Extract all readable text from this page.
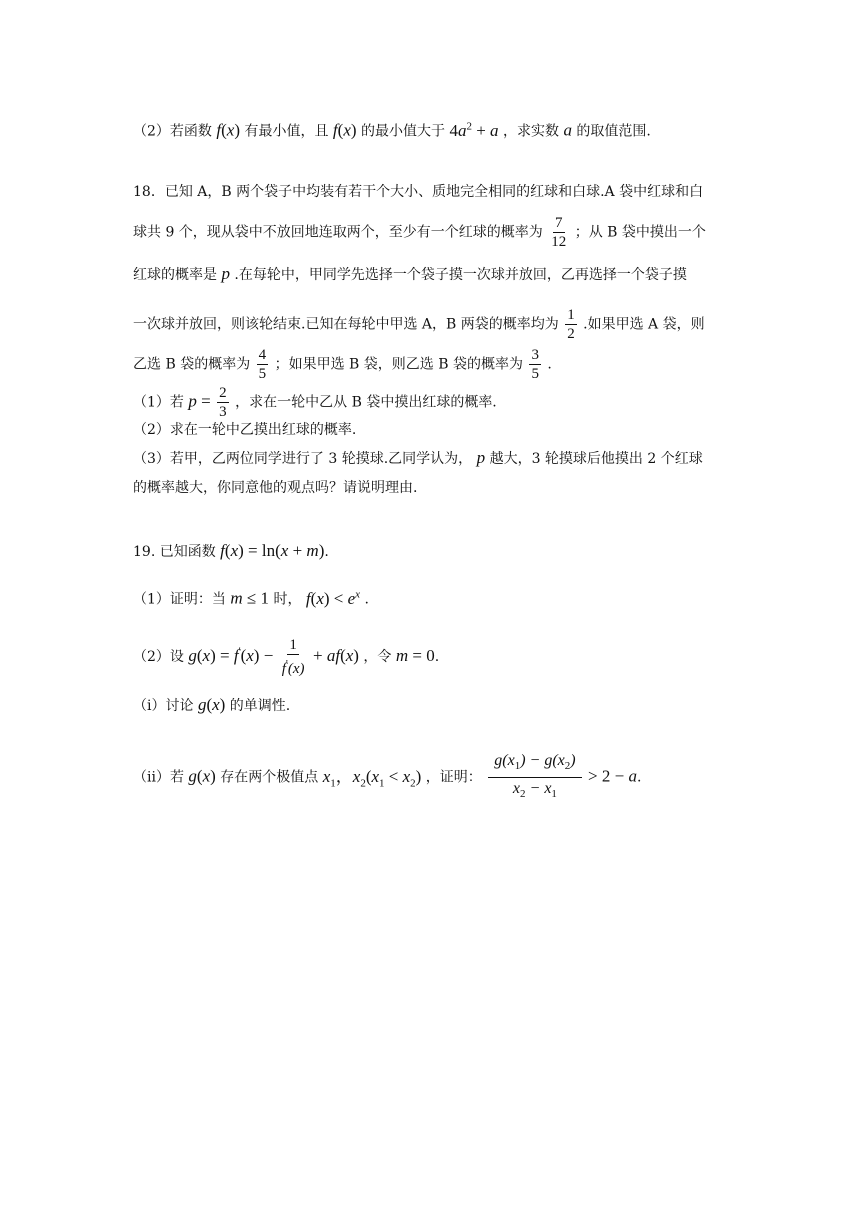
（2）若函数 f(x) 有最小值，且 f(x) 的最小值大于 $4a^2 + a$ ，求实数 a 的取值范围.
18．已知 A，B 两个袋子中均装有若干个大小、质地完全相同的红球和白球.A 袋中红球和白
球共 9 个，现从袋中不放回地连取两个，至少有一个红球的概率为 $\frac{7}{12}$ ；从 B 袋中摸出一个
红球的概率是 p .在每轮中，甲同学先选择一个袋子摸一次球并放回，乙再选择一个袋子摸
一次球并放回，则该轮结束.已知在每轮中甲选 A，B 两袋的概率均为 $\frac{1}{2}$ .如果甲选 A 袋，则
乙选 B 袋的概率为 $\frac{4}{5}$ ；如果甲选 B 袋，则乙选 B 袋的概率为 $\frac{3}{5}$ .
（1）若 $p = \frac{2}{3}$ ，求在一轮中乙从 B 袋中摸出红球的概率.
（2）求在一轮中乙摸出红球的概率.
（3）若甲，乙两位同学进行了 3 轮摸球.乙同学认为， p 越大，3 轮摸球后他摸出 2 个红球
的概率越大，你同意他的观点吗？请说明理由.
19. 已知函数 f(x) = ln(x + m).
（1）证明：当 m ≤ 1 时， $f(x) < e^x$ .
（2）设 $g(x) = f'(x) - \frac{1}{f'(x)} + af(x)$ ，令 m = 0.
（i）讨论 g(x) 的单调性.
（ii）若 g(x) 存在两个极值点 $x_1$，$x_2(x_1 < x_2)$ ，证明： $\frac{g(x_1) - g(x_2)}{x_2 - x_1} > 2 - a$.
